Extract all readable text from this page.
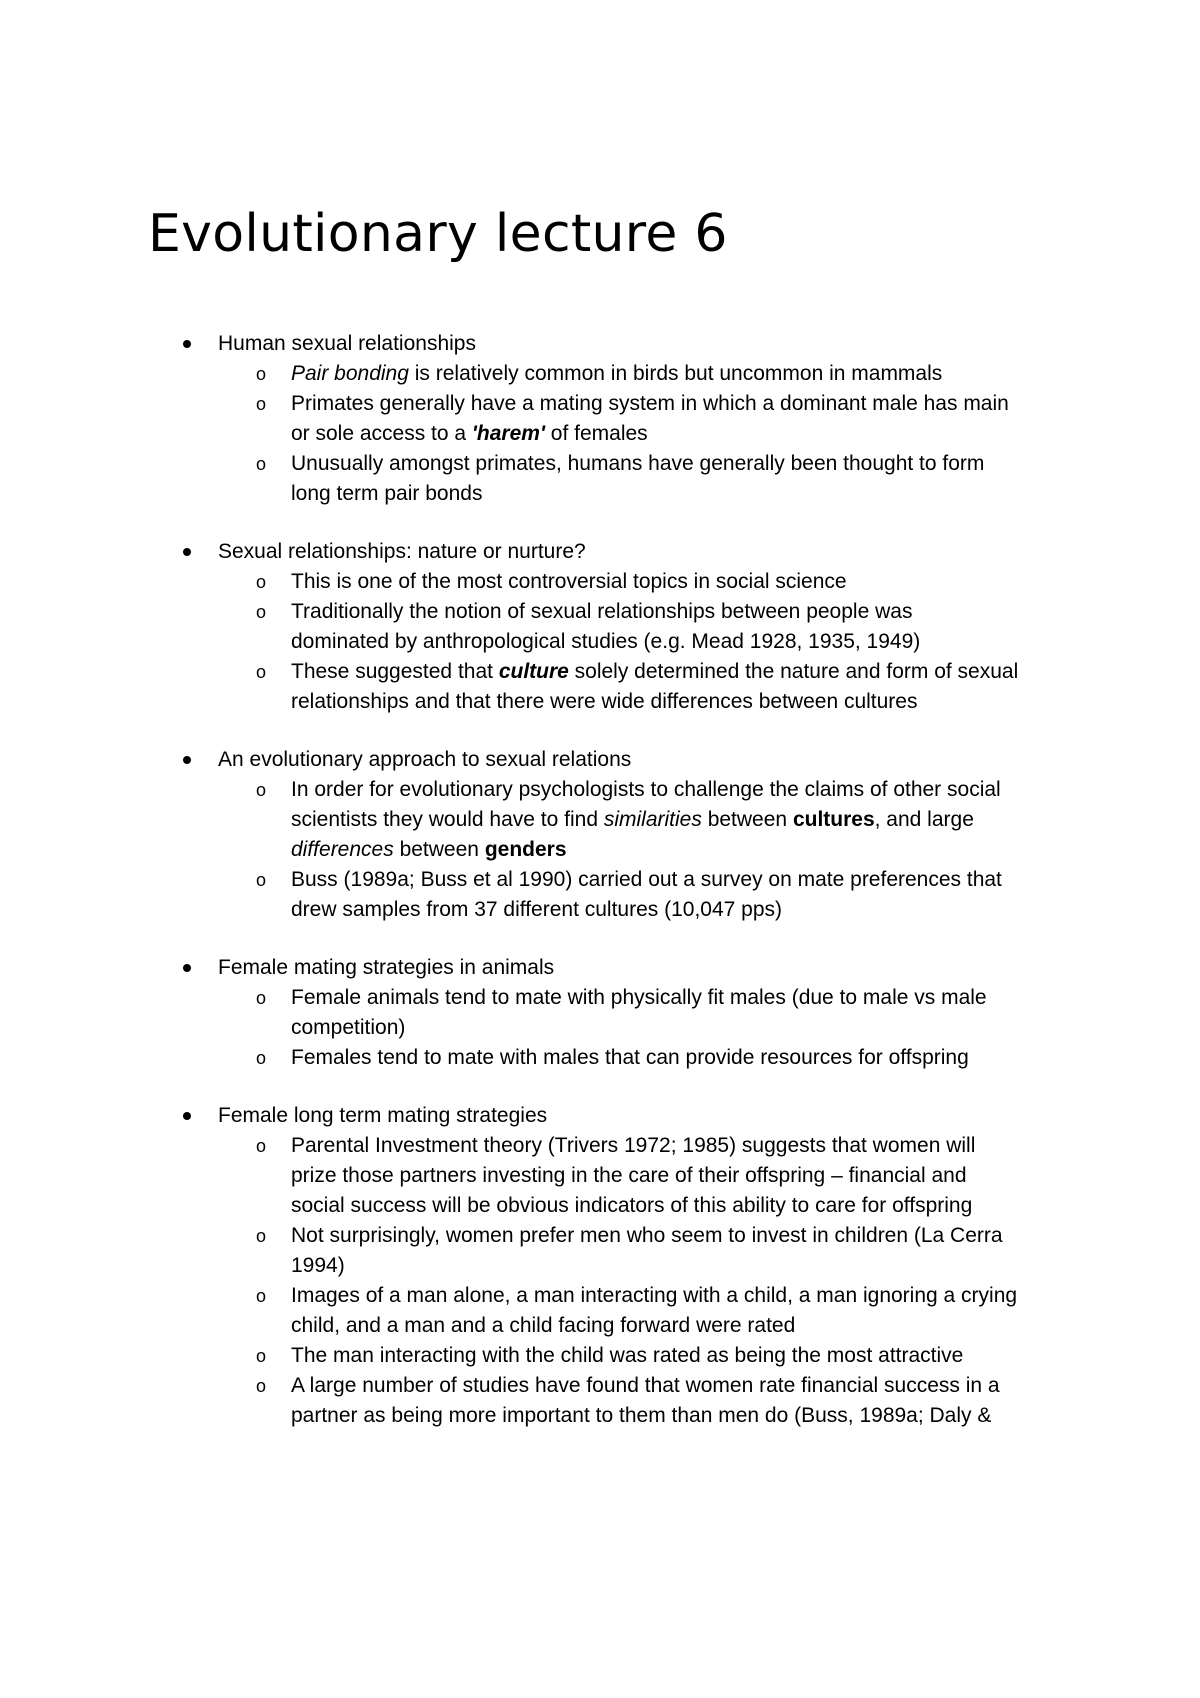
Evolutionary lecture 6
Human sexual relationships
o Pair bonding is relatively common in birds but uncommon in mammals
o Primates generally have a mating system in which a dominant male has main
or sole access to a 'harem' of females
o Unusually amongst primates, humans have generally been thought to form
long term pair bonds
Sexual relationships: nature or nurture?
o This is one of the most controversial topics in social science
o Traditionally the notion of sexual relationships between people was
dominated by anthropological studies (e.g. Mead 1928, 1935, 1949)
o These suggested that culture solely determined the nature and form of sexual
relationships and that there were wide differences between cultures
An evolutionary approach to sexual relations
o In order for evolutionary psychologists to challenge the claims of other social
scientists they would have to find similarities between cultures, and large
differences between genders
o Buss (1989a; Buss et al 1990) carried out a survey on mate preferences that
drew samples from 37 different cultures (10,047 pps)
Female mating strategies in animals
o Female animals tend to mate with physically fit males (due to male vs male
competition)
o Females tend to mate with males that can provide resources for offspring
Female long term mating strategies
o Parental Investment theory (Trivers 1972; 1985) suggests that women will
prize those partners investing in the care of their offspring – financial and
social success will be obvious indicators of this ability to care for offspring
o Not surprisingly, women prefer men who seem to invest in children (La Cerra
1994)
o Images of a man alone, a man interacting with a child, a man ignoring a crying
child, and a man and a child facing forward were rated
o The man interacting with the child was rated as being the most attractive
o A large number of studies have found that women rate financial success in a
partner as being more important to them than men do (Buss, 1989a; Daly &
